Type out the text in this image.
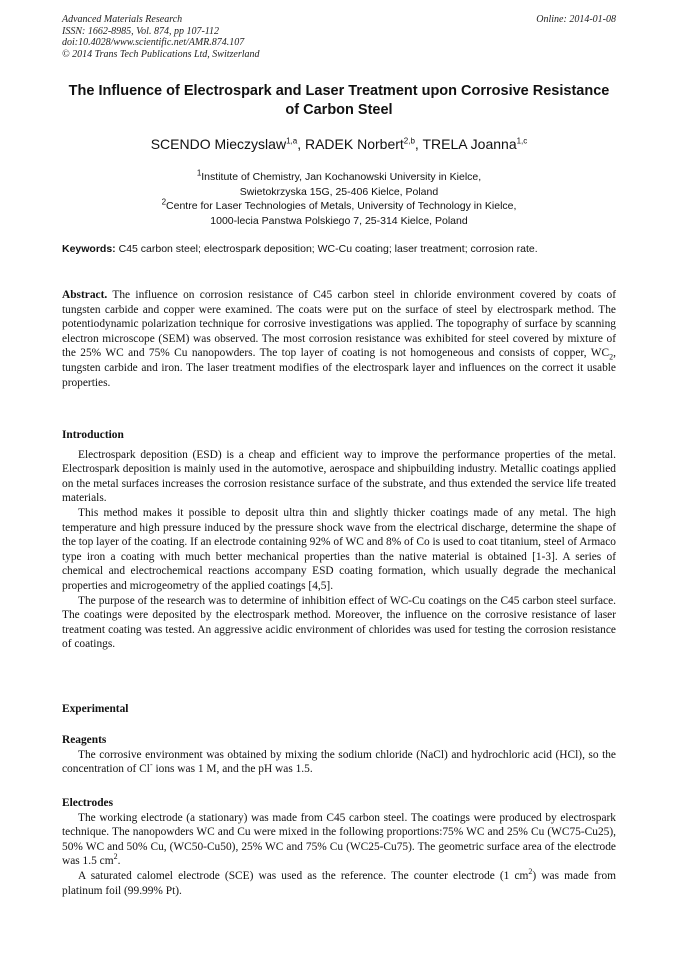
Advanced Materials Research
ISSN: 1662-8985, Vol. 874, pp 107-112
doi:10.4028/www.scientific.net/AMR.874.107
© 2014 Trans Tech Publications Ltd, Switzerland
Online: 2014-01-08
The Influence of Electrospark and Laser Treatment upon Corrosive Resistance of Carbon Steel
SCENDO Mieczyslaw$^{1,a}$, RADEK Norbert$^{2,b}$, TRELA Joanna$^{1,c}$
$^1$Institute of Chemistry, Jan Kochanowski University in Kielce,
Swietokrzyska 15G, 25-406 Kielce, Poland
$^2$Centre for Laser Technologies of Metals, University of Technology in Kielce,
1000-lecia Panstwa Polskiego 7, 25-314 Kielce, Poland
Keywords: C45 carbon steel; electrospark deposition; WC-Cu coating; laser treatment; corrosion rate.

Abstract. The influence on corrosion resistance of C45 carbon steel in chloride environment covered by coats of tungsten carbide and copper were examined. The coats were put on the surface of steel by electrospark method. The potentiodynamic polarization technique for corrosive investigations was applied. The topography of surface by scanning electron microscope (SEM) was observed. The most corrosion resistance was exhibited for steel covered by mixture of the 25% WC and 75% Cu nanopowders. The top layer of coating is not homogeneous and consists of copper, $WC_2$, tungsten carbide and iron. The laser treatment modifies of the electrospark layer and influences on the correct it usable properties.

Introduction

Electrospark deposition (ESD) is a cheap and efficient way to improve the performance properties of the metal. Electrospark deposition is mainly used in the automotive, aerospace and shipbuilding industry. Metallic coatings applied on the metal surfaces increases the corrosion resistance surface of the substrate, and thus extended the service life treated materials.

This method makes it possible to deposit ultra thin and slightly thicker coatings made of any metal. The high temperature and high pressure induced by the pressure shock wave from the electrical discharge, determine the shape of the top layer of the coating. If an electrode containing 92% of WC and 8% of Co is used to coat titanium, steel of Armaco type iron a coating with much better mechanical properties than the native material is obtained [1-3]. A series of chemical and electrochemical reactions accompany ESD coating formation, which usually degrade the mechanical properties and microgeometry of the applied coatings [4,5].

The purpose of the research was to determine of inhibition effect of WC-Cu coatings on the C45 carbon steel surface. The coatings were deposited by the electrospark method. Moreover, the influence on the corrosive resistance of laser treatment coating was tested. An aggressive acidic environment of chlorides was used for testing the corrosion resistance of coatings.

Experimental

Reagents

The corrosive environment was obtained by mixing the sodium chloride (NaCl) and hydrochloric acid (HCl), so the concentration of Cl- ions was 1 M, and the pH was 1.5.

Electrodes

The working electrode (a stationary) was made from C45 carbon steel. The coatings were produced by electrospark technique. The nanopowders WC and Cu were mixed in the following proportions:75% WC and 25% Cu (WC75-Cu25), 50% WC and 50% Cu, (WC50-Cu50), 25% WC and 75% Cu (WC25-Cu75). The geometric surface area of the electrode was 1.5 $cm^2$.

A saturated calomel electrode (SCE) was used as the reference. The counter electrode (1 $cm^2$) was made from platinum foil (99.99% Pt).
